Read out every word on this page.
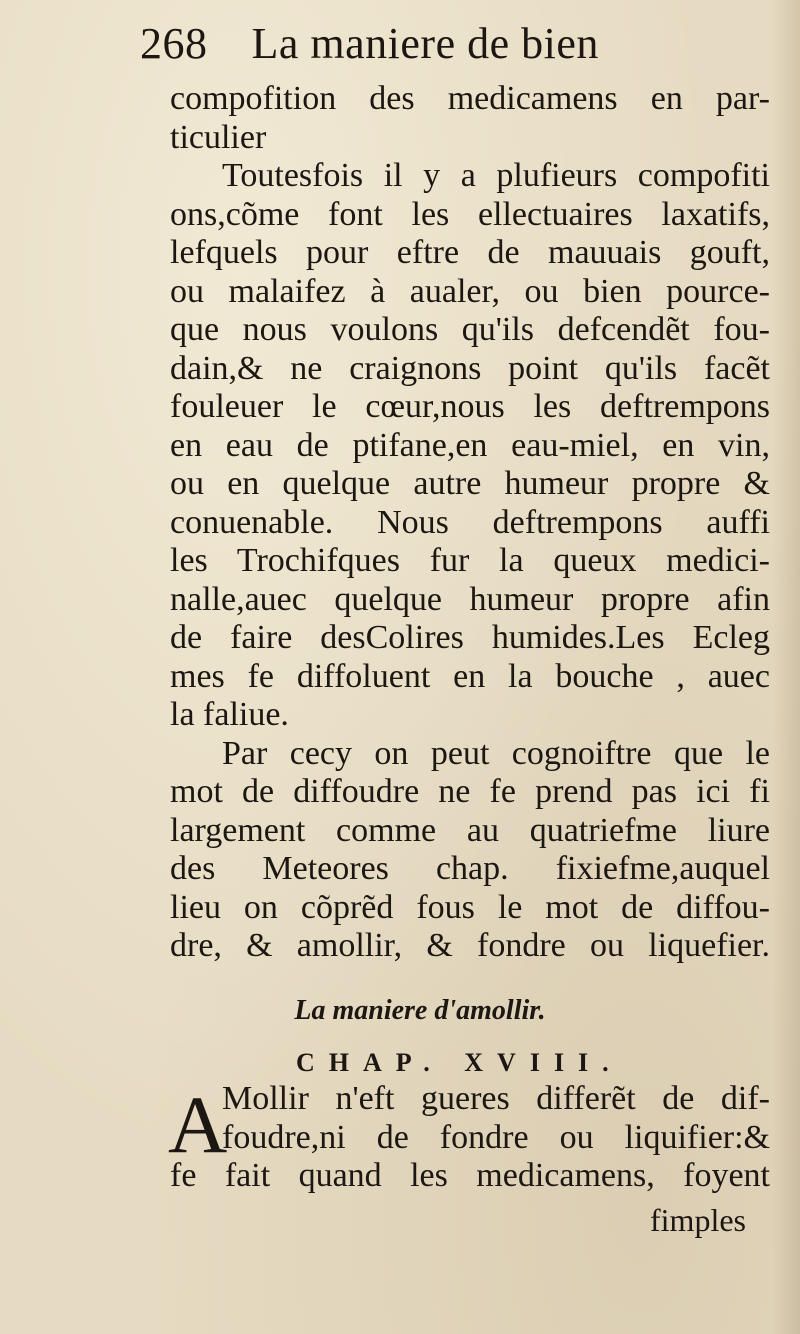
268 La maniere de bien
compofition des medicamens en par-
ticulier
Toutesfois il y a plufieurs compofiti
ons,cõme font les ellectuaires laxatifs,
lefquels pour eftre de mauuais gouft,
ou malaifez à aualer, ou bien pource-
que nous voulons qu'ils defcendẽt fou-
dain,& ne craignons point qu'ils facẽt
fouleuer le cœur,nous les deftrempons
en eau de ptifane,en eau-miel, en vin,
ou en quelque autre humeur propre &
conuenable. Nous deftrempons auffi
les Trochifques fur la queux medici-
nalle,auec quelque humeur propre afin
de faire desColires humides.Les Ecleg
mes fe diffoluent en la bouche , auec
la faliue.
Par cecy on peut cognoiftre que le
mot de diffoudre ne fe prend pas ici fi
largement comme au quatriefme liure
des Meteores chap. fixiefme,auquel
lieu on cõprẽd fous le mot de diffou-
dre, & amollir, & fondre ou liquefier.
La maniere d'amollir.
CHAP. XVIII.
A
Mollir n'eft gueres differẽt de dif-
foudre,ni de fondre ou liquifier:&
fe fait quand les medicamens, foyent
fimples
